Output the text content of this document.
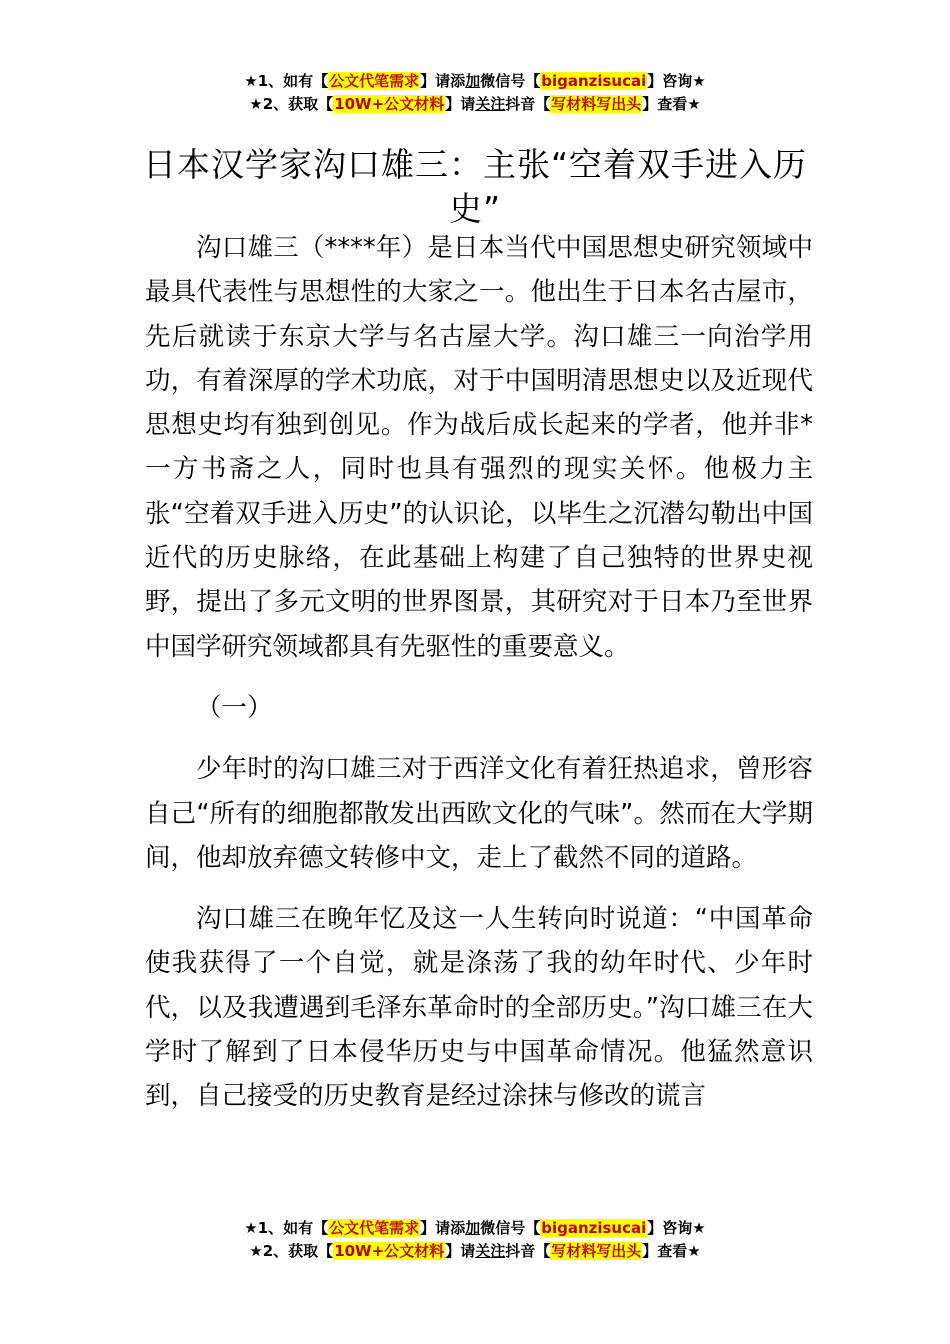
★1、如有【公文代笔需求】请添加微信号【biganzisucai】咨询★
★2、获取【10W+公文材料】请关注抖音【写材料写出头】查看★
日本汉学家沟口雄三：主张“空着双手进入历史”

沟口雄三（****年）是日本当代中国思想史研究领域中最具代表性与思想性的大家之一。他出生于日本名古屋市，先后就读于东京大学与名古屋大学。沟口雄三一向治学用功，有着深厚的学术功底，对于中国明清思想史以及近现代思想史均有独到创见。作为战后成长起来的学者，他并非*一方书斋之人，同时也具有强烈的现实关怀。他极力主张“空着双手进入历史”的认识论，以毕生之沉潜勾勒出中国近代的历史脉络，在此基础上构建了自己独特的世界史视野，提出了多元文明的世界图景，其研究对于日本乃至世界中国学研究领域都具有先驱性的重要意义。

（一）

少年时的沟口雄三对于西洋文化有着狂热追求，曾形容自己“所有的细胞都散发出西欧文化的气味”。然而在大学期间，他却放弃德文转修中文，走上了截然不同的道路。

沟口雄三在晚年忆及这一人生转向时说道：“中国革命使我获得了一个自觉，就是涤荡了我的幼年时代、少年时代，以及我遭遇到毛泽东革命时的全部历史。”沟口雄三在大学时了解到了日本侵华历史与中国革命情况。他猛然意识到，自己接受的历史教育是经过涂抹与修改的谎言

★1、如有【公文代笔需求】请添加微信号【biganzisucai】咨询★
★2、获取【10W+公文材料】请关注抖音【写材料写出头】查看★
